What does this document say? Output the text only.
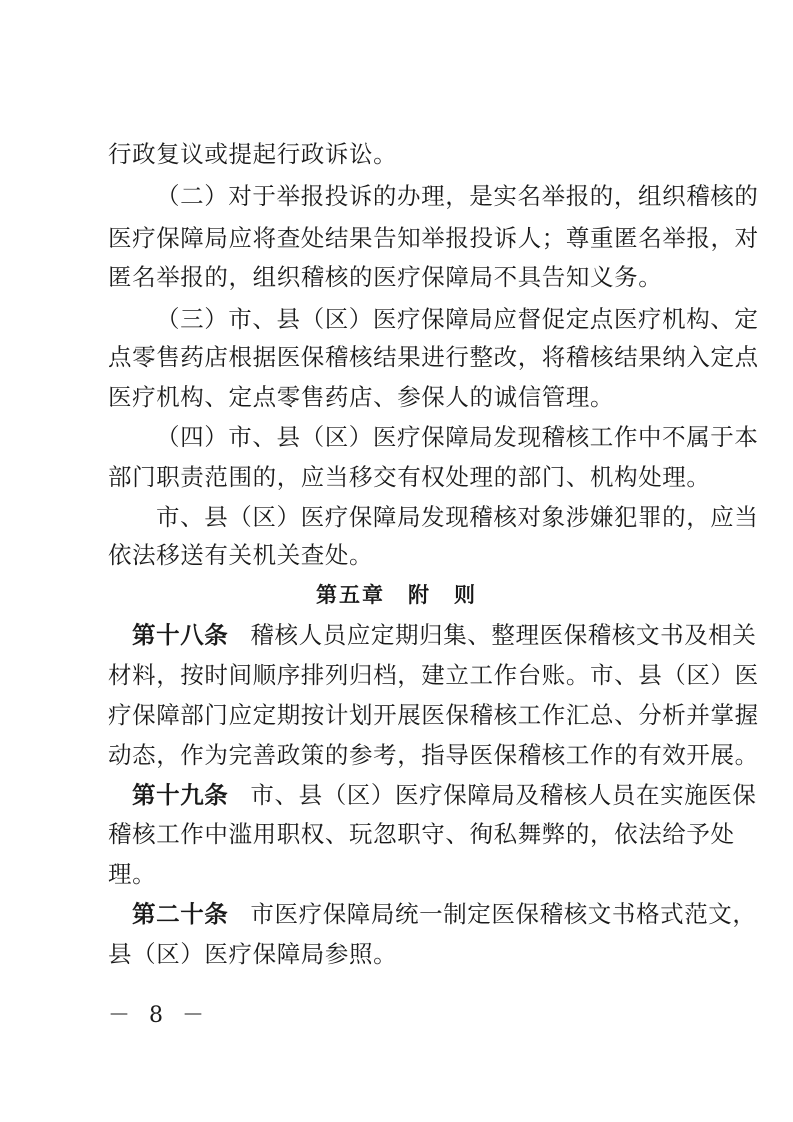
行政复议或提起行政诉讼。
（二）对于举报投诉的办理，是实名举报的，组织稽核的
医疗保障局应将查处结果告知举报投诉人；尊重匿名举报，对
匿名举报的，组织稽核的医疗保障局不具告知义务。
（三）市、县（区）医疗保障局应督促定点医疗机构、定
点零售药店根据医保稽核结果进行整改，将稽核结果纳入定点
医疗机构、定点零售药店、参保人的诚信管理。
（四）市、县（区）医疗保障局发现稽核工作中不属于本
部门职责范围的，应当移交有权处理的部门、机构处理。
市、县（区）医疗保障局发现稽核对象涉嫌犯罪的，应当
依法移送有关机关查处。
第五章　附　则
第十八条 稽核人员应定期归集、整理医保稽核文书及相关
材料，按时间顺序排列归档，建立工作台账。市、县（区）医
疗保障部门应定期按计划开展医保稽核工作汇总、分析并掌握
动态，作为完善政策的参考，指导医保稽核工作的有效开展。
第十九条 市、县（区）医疗保障局及稽核人员在实施医保
稽核工作中滥用职权、玩忽职守、徇私舞弊的，依法给予处
理。
第二十条 市医疗保障局统一制定医保稽核文书格式范文，
县（区）医疗保障局参照。
－ 8 －
